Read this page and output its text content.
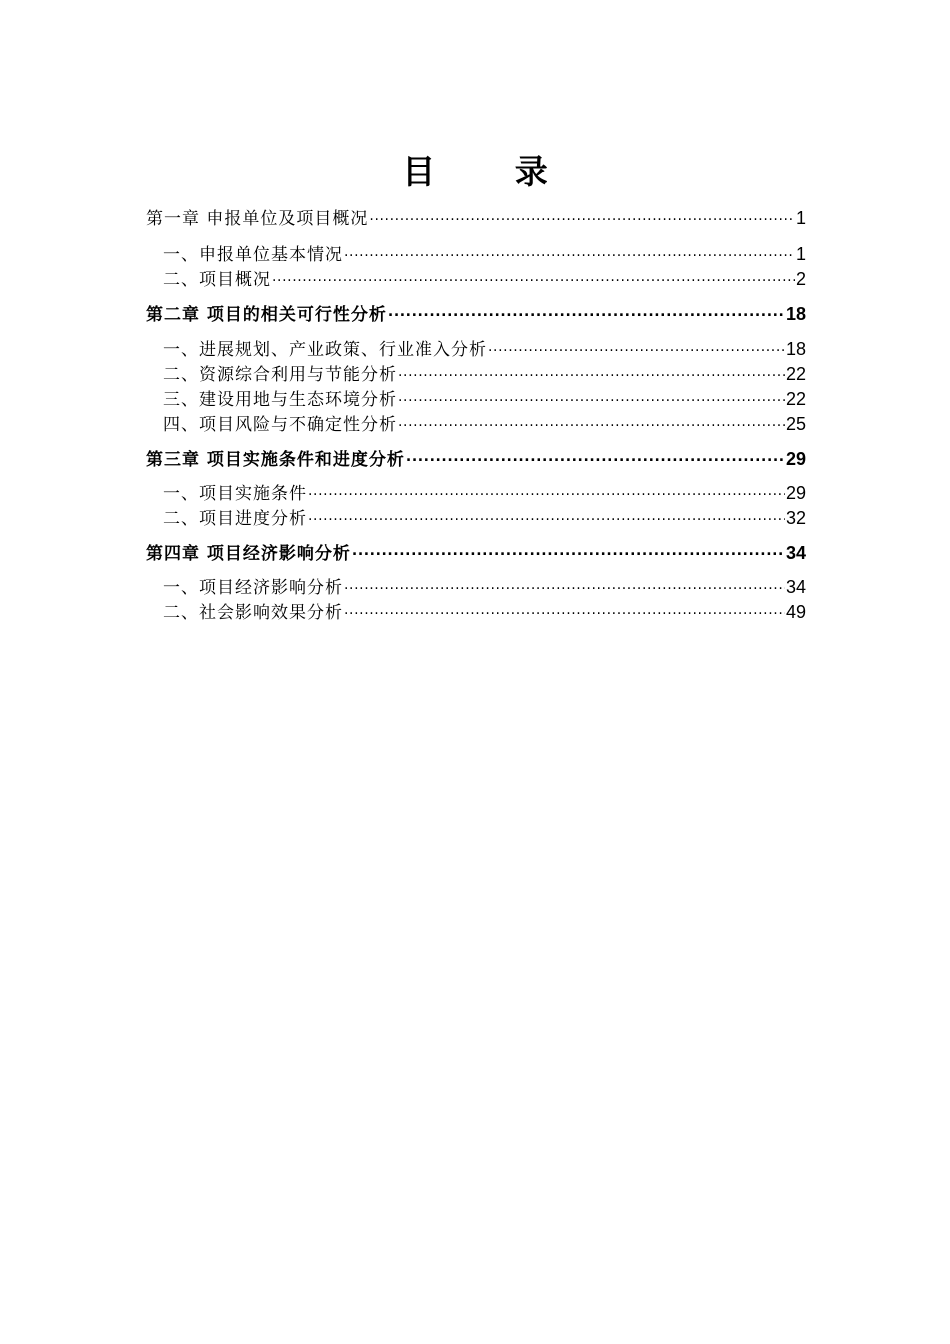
目 录
第一章 申报单位及项目概况 .....	1
一、申报单位基本情况 .....	1
二、项目概况 .....	2
第二章 项目的相关可行性分析 .....	18
一、进展规划、产业政策、行业准入分析 .....	18
二、资源综合利用与节能分析 .....	22
三、建设用地与生态环境分析 .....	22
四、项目风险与不确定性分析 .....	25
第三章 项目实施条件和进度分析 .....	29
一、项目实施条件 .....	29
二、项目进度分析 .....	32
第四章 项目经济影响分析 .....	34
一、项目经济影响分析 .....	34
二、社会影响效果分析 .....	49
